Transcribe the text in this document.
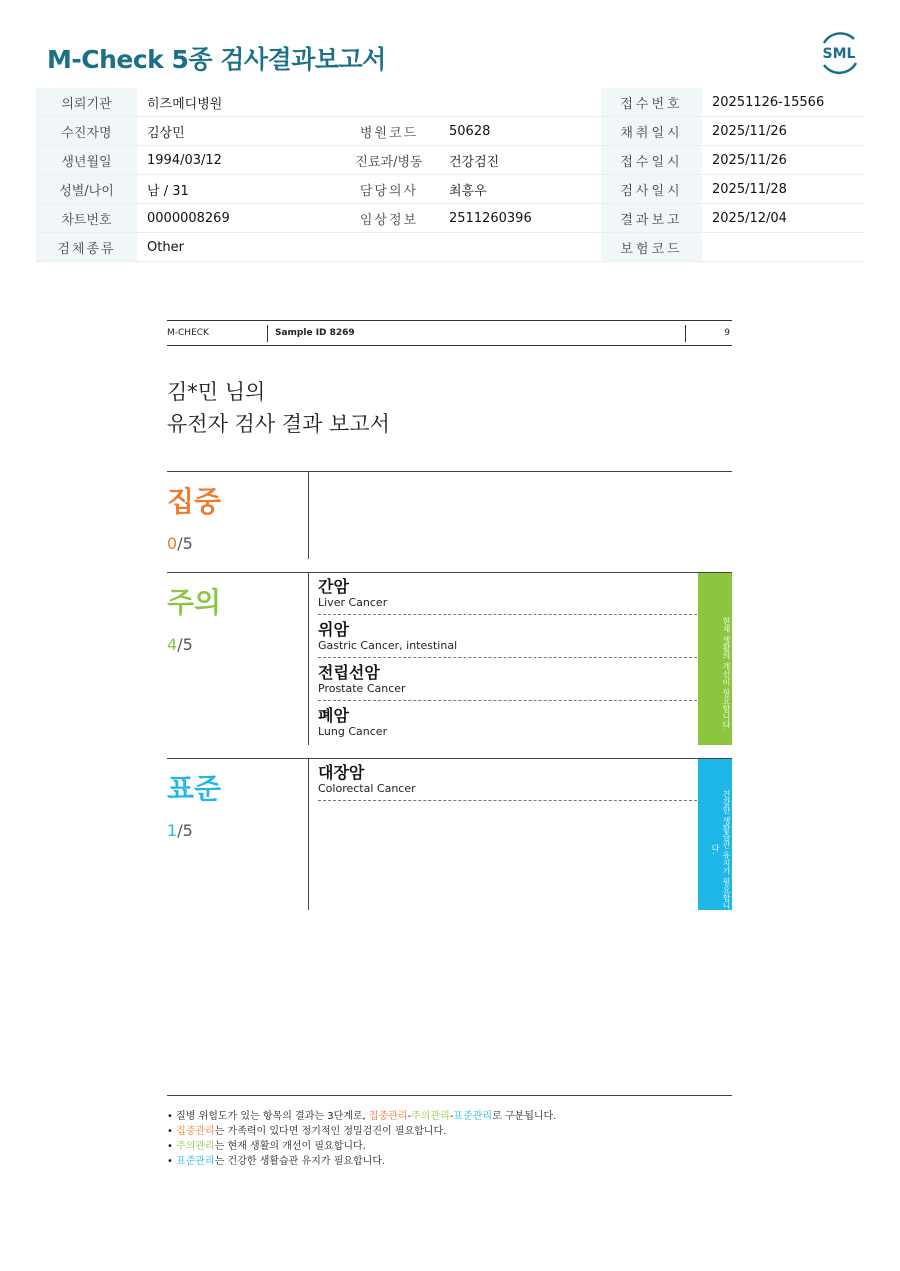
M-Check 5종 검사결과보고서	SML
의뢰기관	히즈메디병원			접수번호	20251126-15566
수진자명	김상민	병원코드	50628	채취일시	2025/11/26
생년월일	1994/03/12	진료과/병동	건강검진	접수일시	2025/11/26
성별/나이	남 / 31	담당의사	최흥우	검사일시	2025/11/28
차트번호	0000008269	임상정보	2511260396	결과보고	2025/12/04
검체종류	Other			보험코드	
M-CHECK	Sample ID 8269	9
김*민 님의
유전자 검사 결과 보고서
집중
0/5
주의
4/5
간암
Liver Cancer
위암
Gastric Cancer, intestinal
전립선암
Prostate Cancer
폐암
Lung Cancer
현재 생활의 개선이 필요합니다.
표준
1/5
대장암
Colorectal Cancer
건강한 생활습관 유지가 필요합니다.
• 질병 위험도가 있는 항목의 결과는 3단계로, 집중관리-주의관리-표준관리로 구분됩니다.
• 집중관리는 가족력이 있다면 정기적인 정밀검진이 필요합니다.
• 주의관리는 현재 생활의 개선이 필요합니다.
• 표준관리는 건강한 생활습관 유지가 필요합니다.
